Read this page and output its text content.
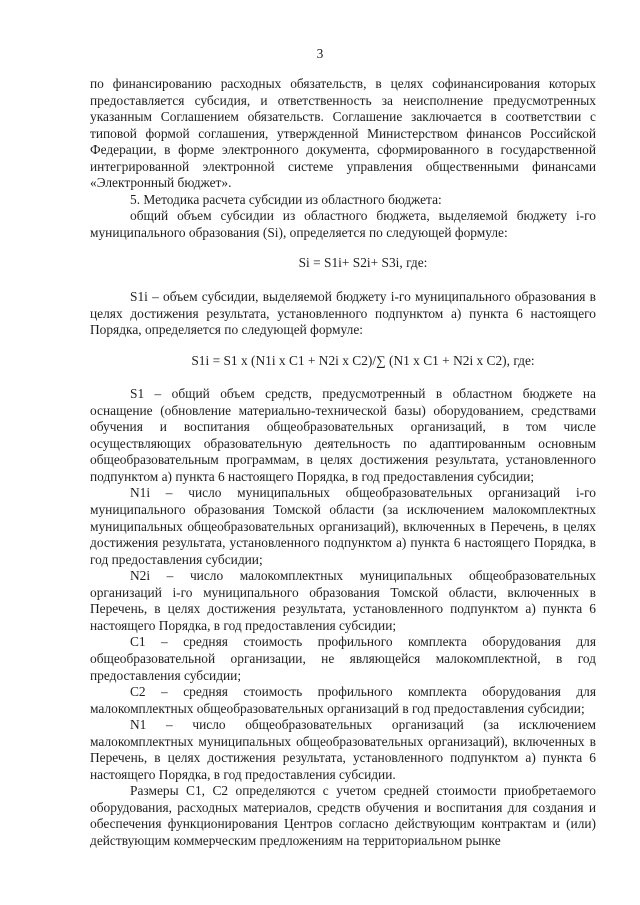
3

по финансированию расходных обязательств, в целях софинансирования которых предоставляется субсидия, и ответственность за неисполнение предусмотренных указанным Соглашением обязательств. Соглашение заключается в соответствии с типовой формой соглашения, утвержденной Министерством финансов Российской Федерации, в форме электронного документа, сформированного в государственной интегрированной электронной системе управления общественными финансами «Электронный бюджет».

5. Методика расчета субсидии из областного бюджета:

общий объем субсидии из областного бюджета, выделяемой бюджету i-го муниципального образования (Si), определяется по следующей формуле:

Si = S1i+ S2i+ S3i, где:

S1i – объем субсидии, выделяемой бюджету i-го муниципального образования в целях достижения результата, установленного подпунктом а) пункта 6 настоящего Порядка, определяется по следующей формуле:

S1i = S1 x (N1i x C1 + N2i x C2)/∑ (N1 x C1 + N2i x C2), где:

S1 – общий объем средств, предусмотренный в областном бюджете на оснащение (обновление материально-технической базы) оборудованием, средствами обучения и воспитания общеобразовательных организаций, в том числе осуществляющих образовательную деятельность по адаптированным основным общеобразовательным программам, в целях достижения результата, установленного подпунктом а) пункта 6 настоящего Порядка, в год предоставления субсидии;

N1i – число муниципальных общеобразовательных организаций i-го муниципального образования Томской области (за исключением малокомплектных муниципальных общеобразовательных организаций), включенных в Перечень, в целях достижения результата, установленного подпунктом а) пункта 6 настоящего Порядка, в год предоставления субсидии;

N2i – число малокомплектных муниципальных общеобразовательных организаций i-го муниципального образования Томской области, включенных в Перечень, в целях достижения результата, установленного подпунктом а) пункта 6 настоящего Порядка, в год предоставления субсидии;

C1 – средняя стоимость профильного комплекта оборудования для общеобразовательной организации, не являющейся малокомплектной, в год предоставления субсидии;

C2 – средняя стоимость профильного комплекта оборудования для малокомплектных общеобразовательных организаций в год предоставления субсидии;

N1 – число общеобразовательных организаций (за исключением малокомплектных муниципальных общеобразовательных организаций), включенных в Перечень, в целях достижения результата, установленного подпунктом а) пункта 6 настоящего Порядка, в год предоставления субсидии.

Размеры C1, C2 определяются с учетом средней стоимости приобретаемого оборудования, расходных материалов, средств обучения и воспитания для создания и обеспечения функционирования Центров согласно действующим контрактам и (или) действующим коммерческим предложениям на территориальном рынке
